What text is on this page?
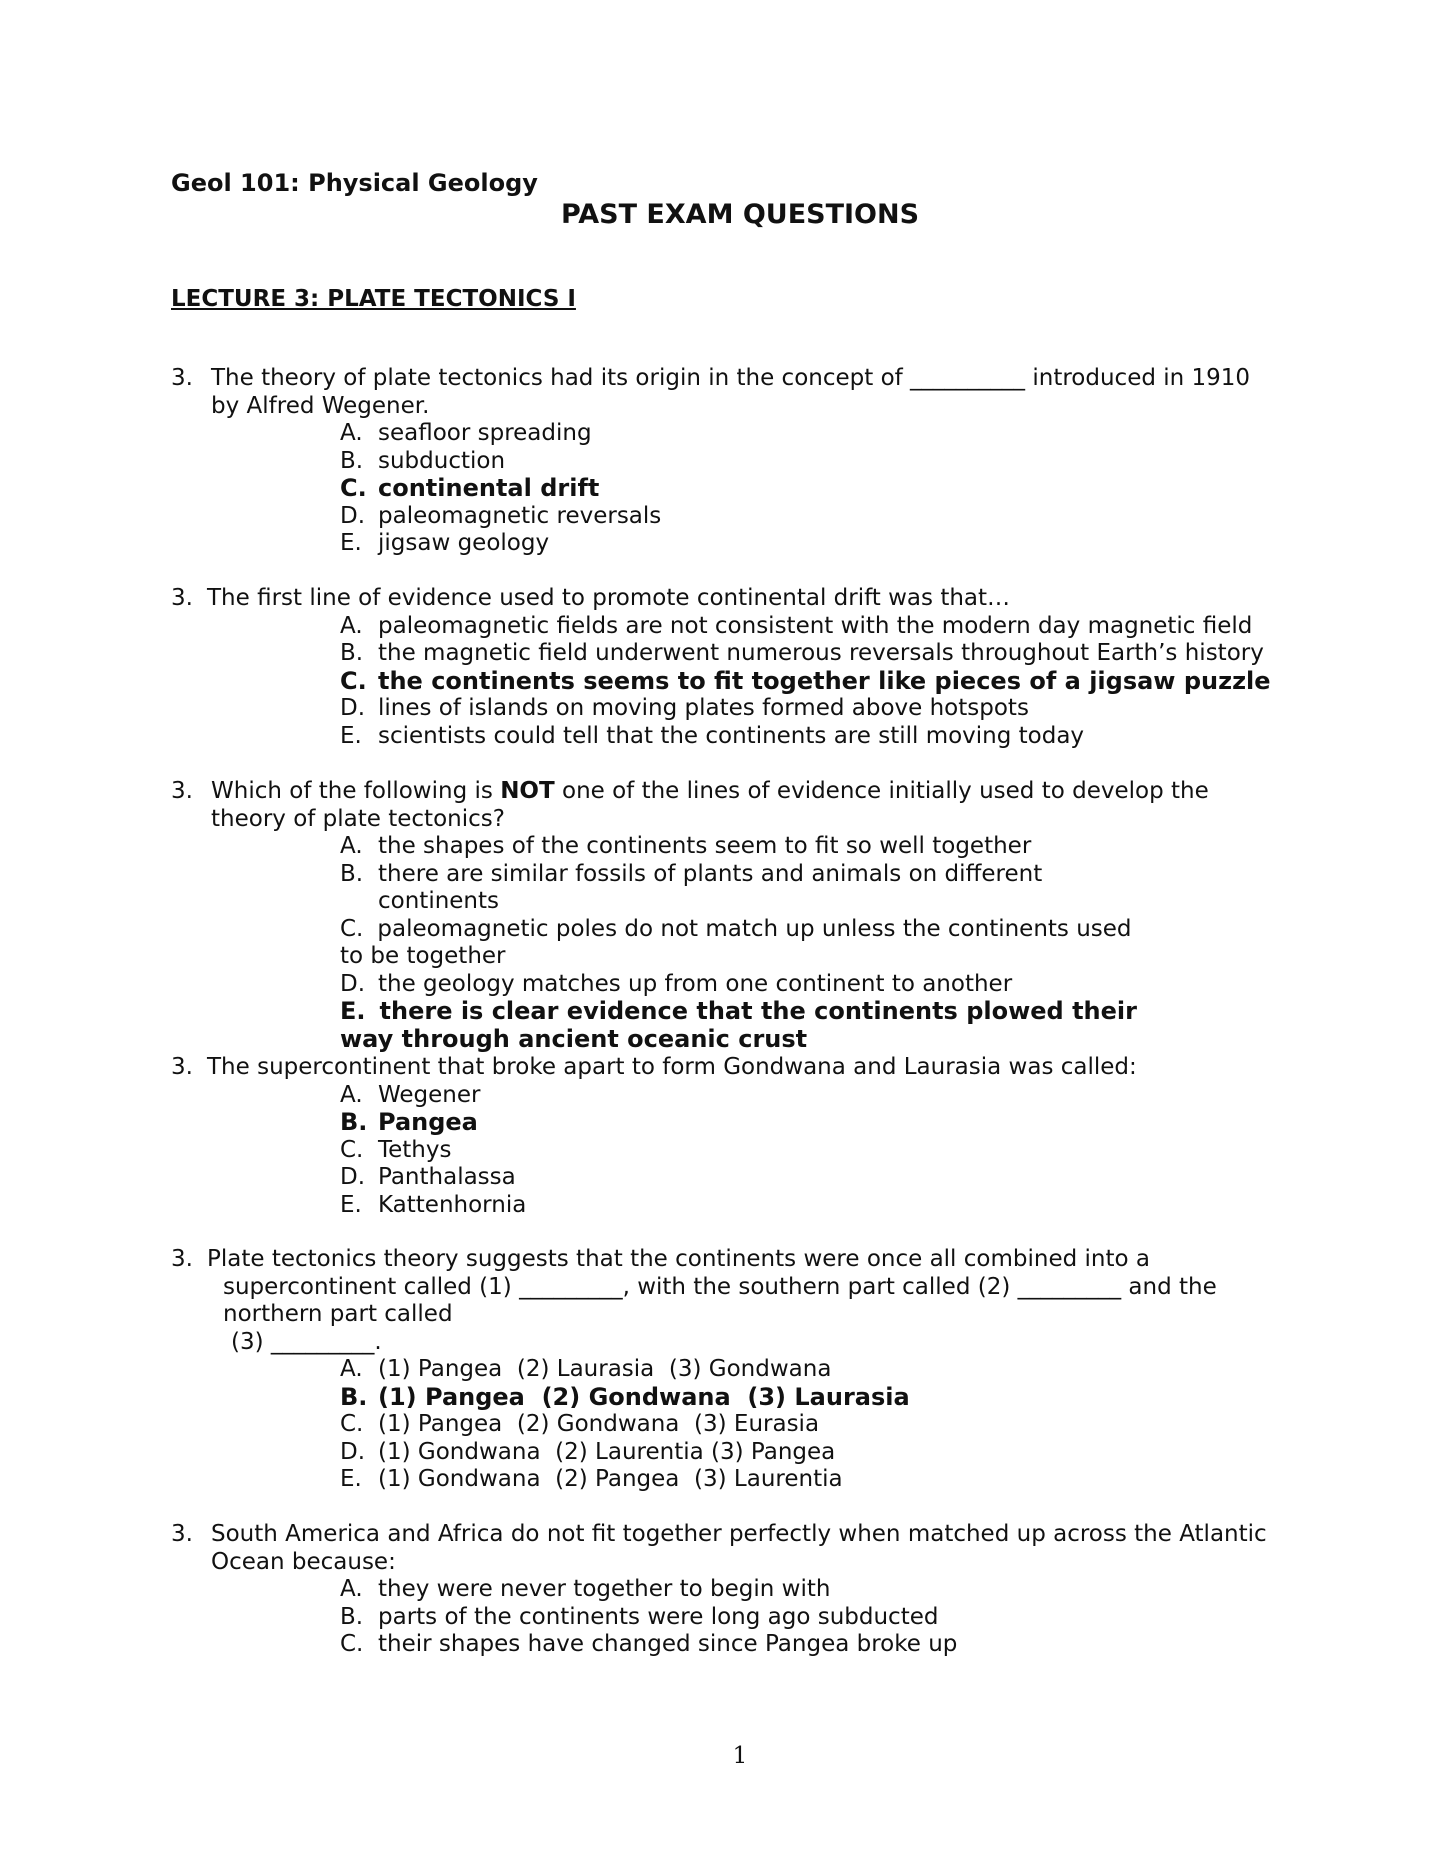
Geol 101: Physical Geology
PAST EXAM QUESTIONS
LECTURE 3: PLATE TECTONICS I
3. The theory of plate tectonics had its origin in the concept of __________ introduced in 1910
by Alfred Wegener.
A. seafloor spreading
B. subduction
C. continental drift
D. paleomagnetic reversals
E. jigsaw geology
3. The first line of evidence used to promote continental drift was that…
A. paleomagnetic fields are not consistent with the modern day magnetic field
B. the magnetic field underwent numerous reversals throughout Earth’s history
C. the continents seems to fit together like pieces of a jigsaw puzzle
D. lines of islands on moving plates formed above hotspots
E. scientists could tell that the continents are still moving today
3. Which of the following is NOT one of the lines of evidence initially used to develop the
theory of plate tectonics?
A. the shapes of the continents seem to fit so well together
B. there are similar fossils of plants and animals on different continents
C. paleomagnetic poles do not match up unless the continents used to be together
D. the geology matches up from one continent to another
E. there is clear evidence that the continents plowed their way through ancient oceanic crust
3. The supercontinent that broke apart to form Gondwana and Laurasia was called:
A. Wegener
B. Pangea
C. Tethys
D. Panthalassa
E. Kattenhornia
3. Plate tectonics theory suggests that the continents were once all combined into a
supercontinent called (1) _________, with the southern part called (2) _________ and the
northern part called
(3) _________.
A. (1) Pangea  (2) Laurasia  (3) Gondwana
B. (1) Pangea  (2) Gondwana  (3) Laurasia
C. (1) Pangea  (2) Gondwana  (3) Eurasia
D. (1) Gondwana  (2) Laurentia (3) Pangea
E. (1) Gondwana  (2) Pangea  (3) Laurentia
3. South America and Africa do not fit together perfectly when matched up across the Atlantic
Ocean because:
A. they were never together to begin with
B. parts of the continents were long ago subducted
C. their shapes have changed since Pangea broke up
1
